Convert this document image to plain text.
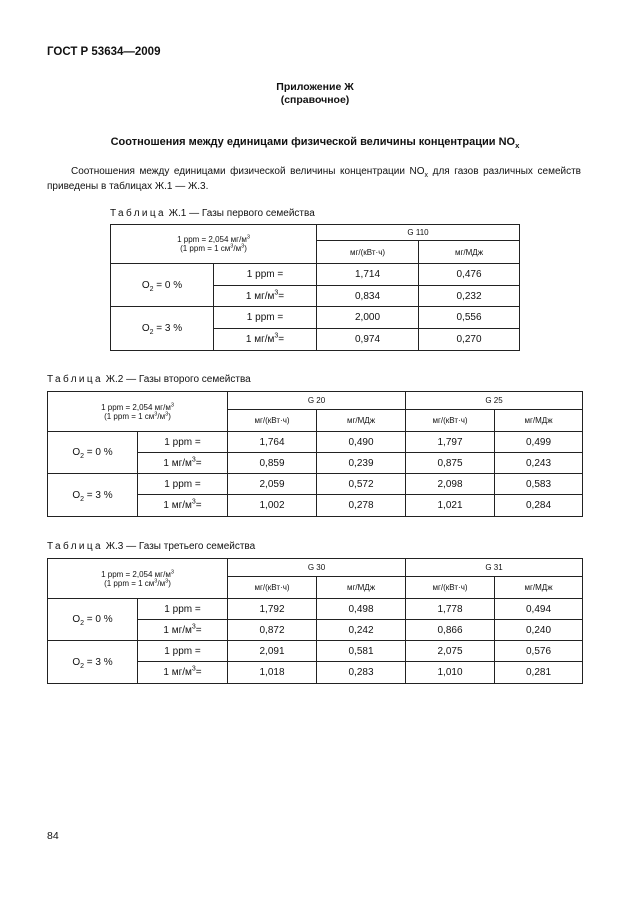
ГОСТ Р 53634—2009
Приложение Ж
(справочное)
Соотношения между единицами физической величины концентрации $NO_x$
Соотношения между единицами физической величины концентрации $NO_x$ для газов различных семейств приведены в таблицах Ж.1 — Ж.3.
Таблица Ж.1 — Газы первого семейства
1 ppm = 2,054 $мг/м^3$
(1 ppm = 1 $см^3/м^3$)		G 110	
		мг/(кВт·ч)	мг/МДж
$O_2 = 0$ %	1 ppm =	1,714	0,476
	1 $мг/м^3=$	0,834	0,232
$O_2 = 3$ %	1 ppm =	2,000	0,556
	1 $мг/м^3=$	0,974	0,270
Таблица Ж.2 — Газы второго семейства
1 ppm = 2,054 $мг/м^3$
(1 ppm = 1 $см^3/м^3$)		G 20		G 25	
		мг/(кВт·ч)	мг/МДж	мг/(кВт·ч)	мг/МДж
$O_2 = 0$ %	1 ppm =	1,764	0,490	1,797	0,499
	1 $мг/м^3=$	0,859	0,239	0,875	0,243
$O_2 = 3$ %	1 ppm =	2,059	0,572	2,098	0,583
	1 $мг/м^3=$	1,002	0,278	1,021	0,284
Таблица Ж.3 — Газы третьего семейства
1 ppm = 2,054 $мг/м^3$
(1 ppm = 1 $см^3/м^3$)		G 30		G 31	
		мг/(кВт·ч)	мг/МДж	мг/(кВт·ч)	мг/МДж
$O_2 = 0$ %	1 ppm =	1,792	0,498	1,778	0,494
	1 $мг/м^3=$	0,872	0,242	0,866	0,240
$O_2 = 3$ %	1 ppm =	2,091	0,581	2,075	0,576
	1 $мг/м^3=$	1,018	0,283	1,010	0,281
84
